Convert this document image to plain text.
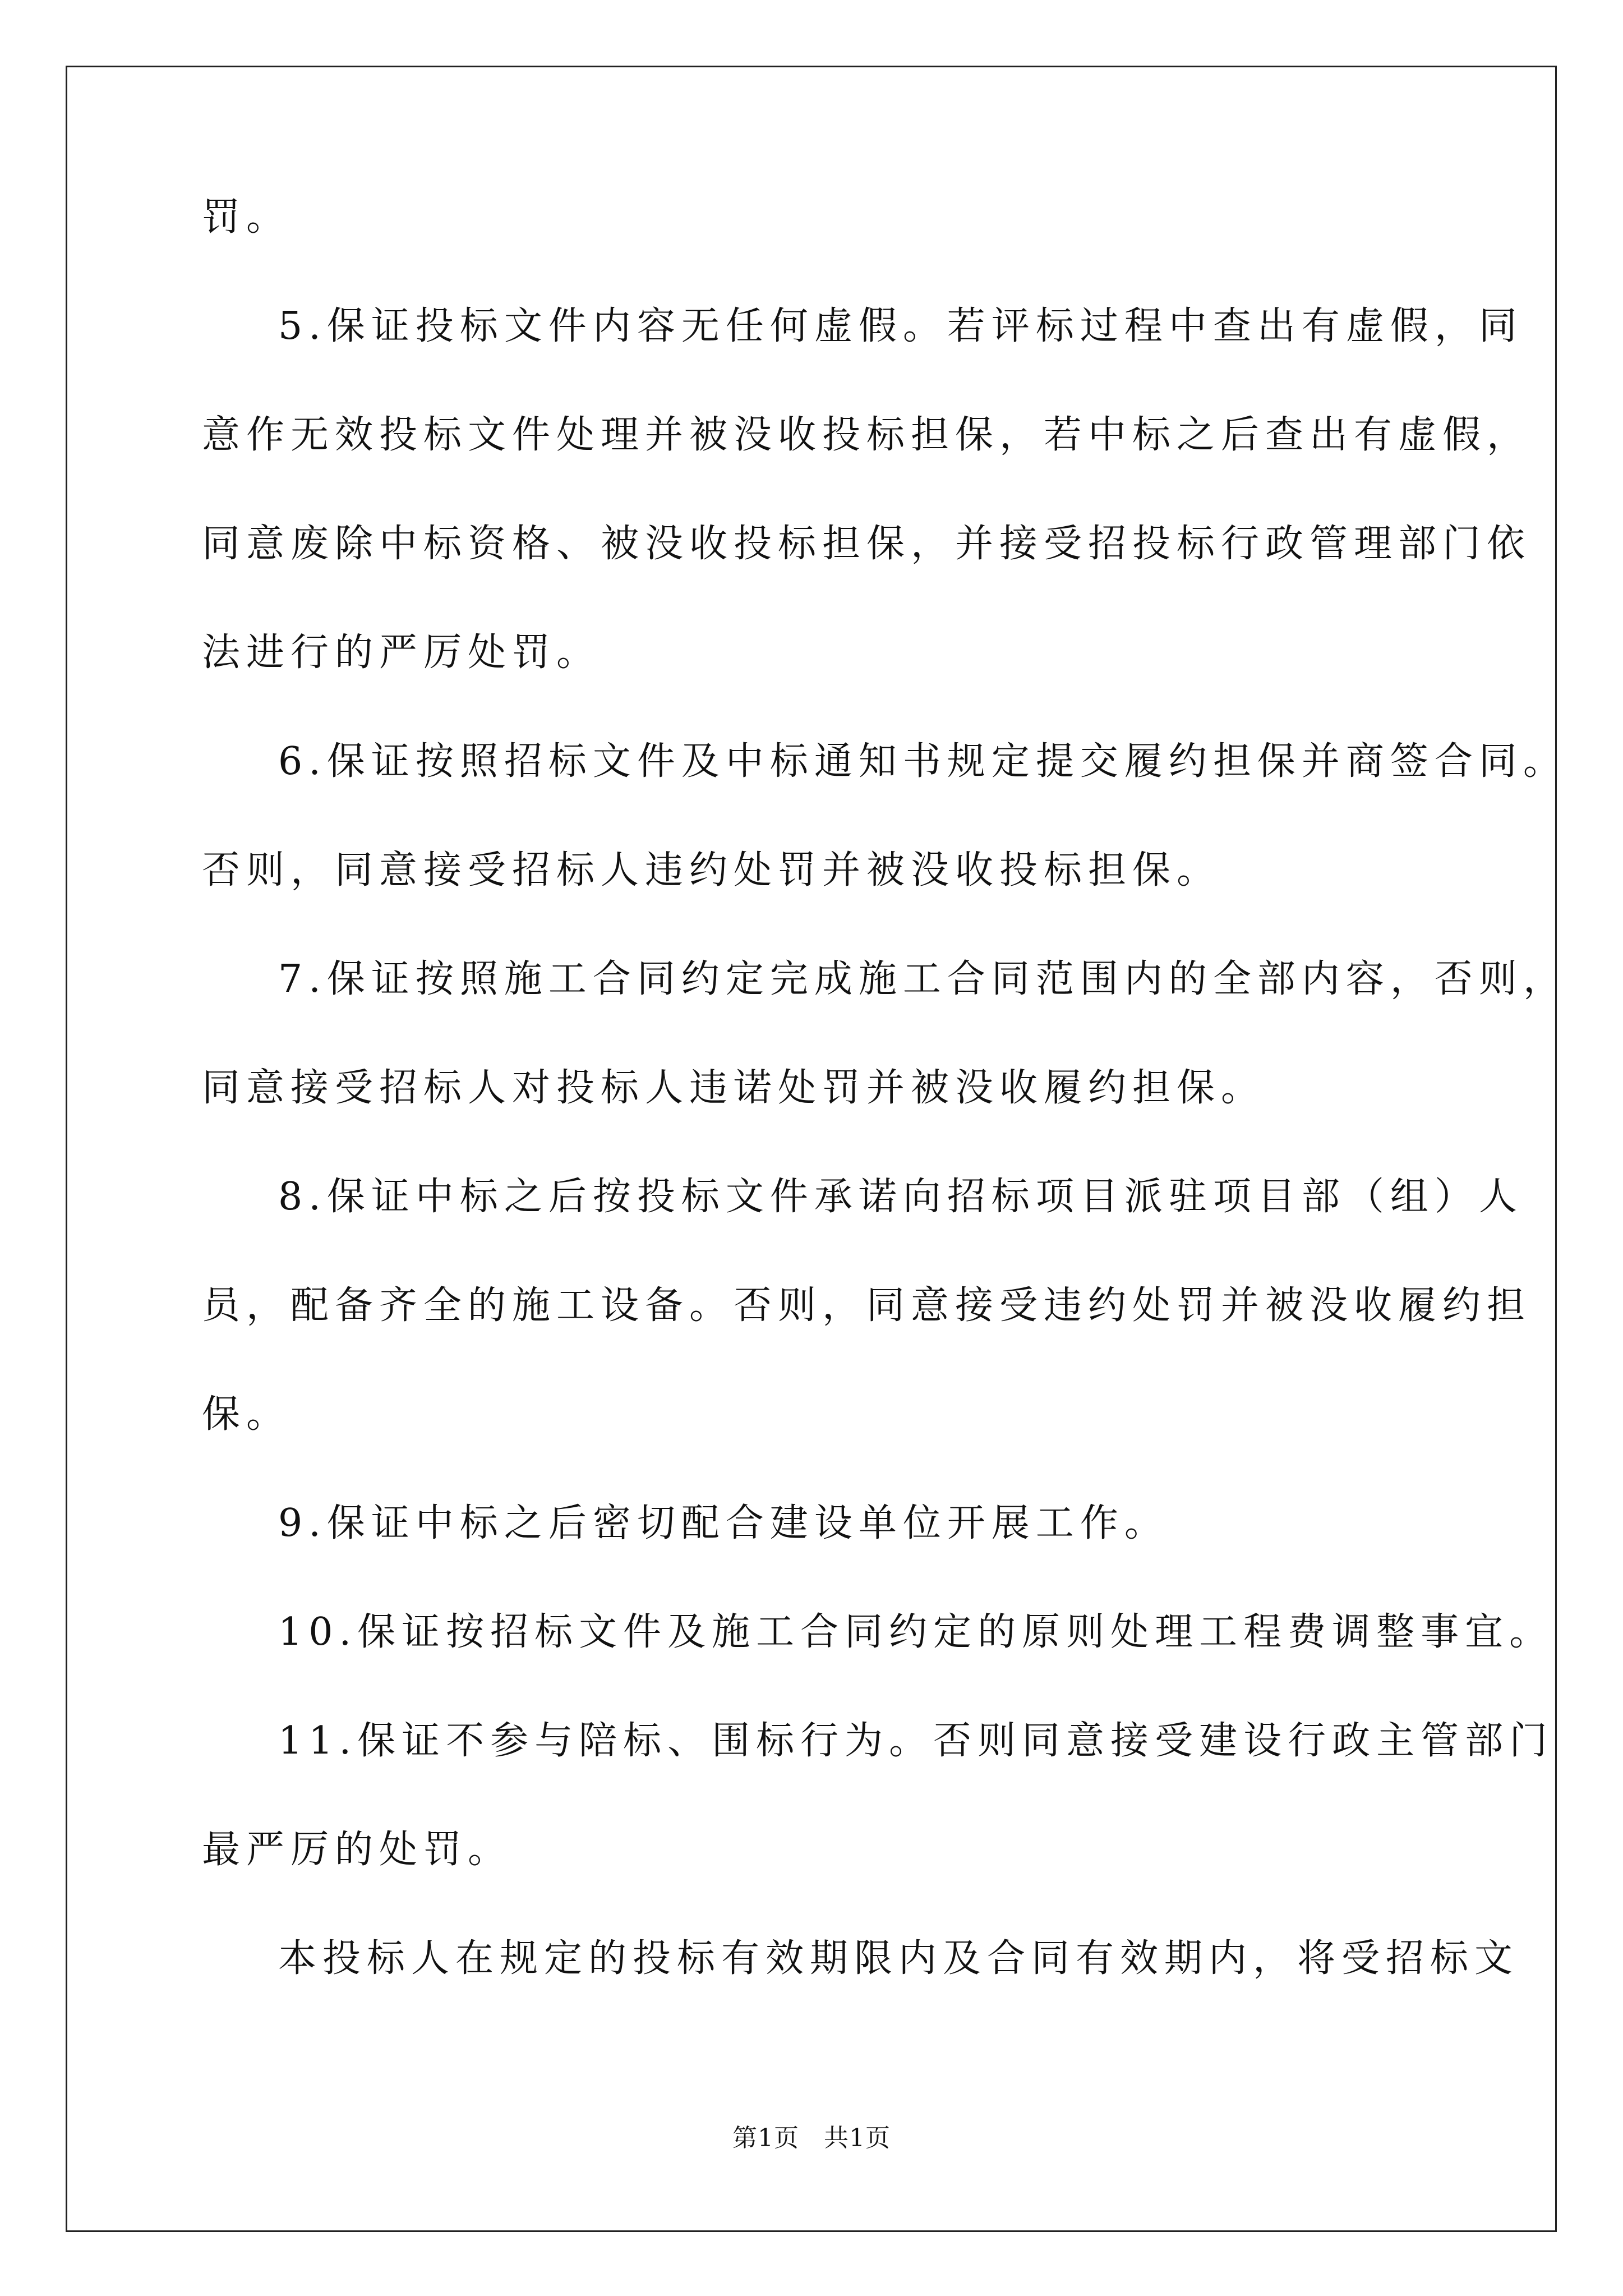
罚。
5.保证投标文件内容无任何虚假。若评标过程中查出有虚假，同
意作无效投标文件处理并被没收投标担保，若中标之后查出有虚假，
同意废除中标资格、被没收投标担保，并接受招投标行政管理部门依
法进行的严厉处罚。
6.保证按照招标文件及中标通知书规定提交履约担保并商签合同。
否则，同意接受招标人违约处罚并被没收投标担保。
7.保证按照施工合同约定完成施工合同范围内的全部内容，否则，
同意接受招标人对投标人违诺处罚并被没收履约担保。
8.保证中标之后按投标文件承诺向招标项目派驻项目部（组）人
员，配备齐全的施工设备。否则，同意接受违约处罚并被没收履约担
保。
9.保证中标之后密切配合建设单位开展工作。
10.保证按招标文件及施工合同约定的原则处理工程费调整事宜。
11.保证不参与陪标、围标行为。否则同意接受建设行政主管部门
最严厉的处罚。
本投标人在规定的投标有效期限内及合同有效期内，将受招标文
第1页 共1页
